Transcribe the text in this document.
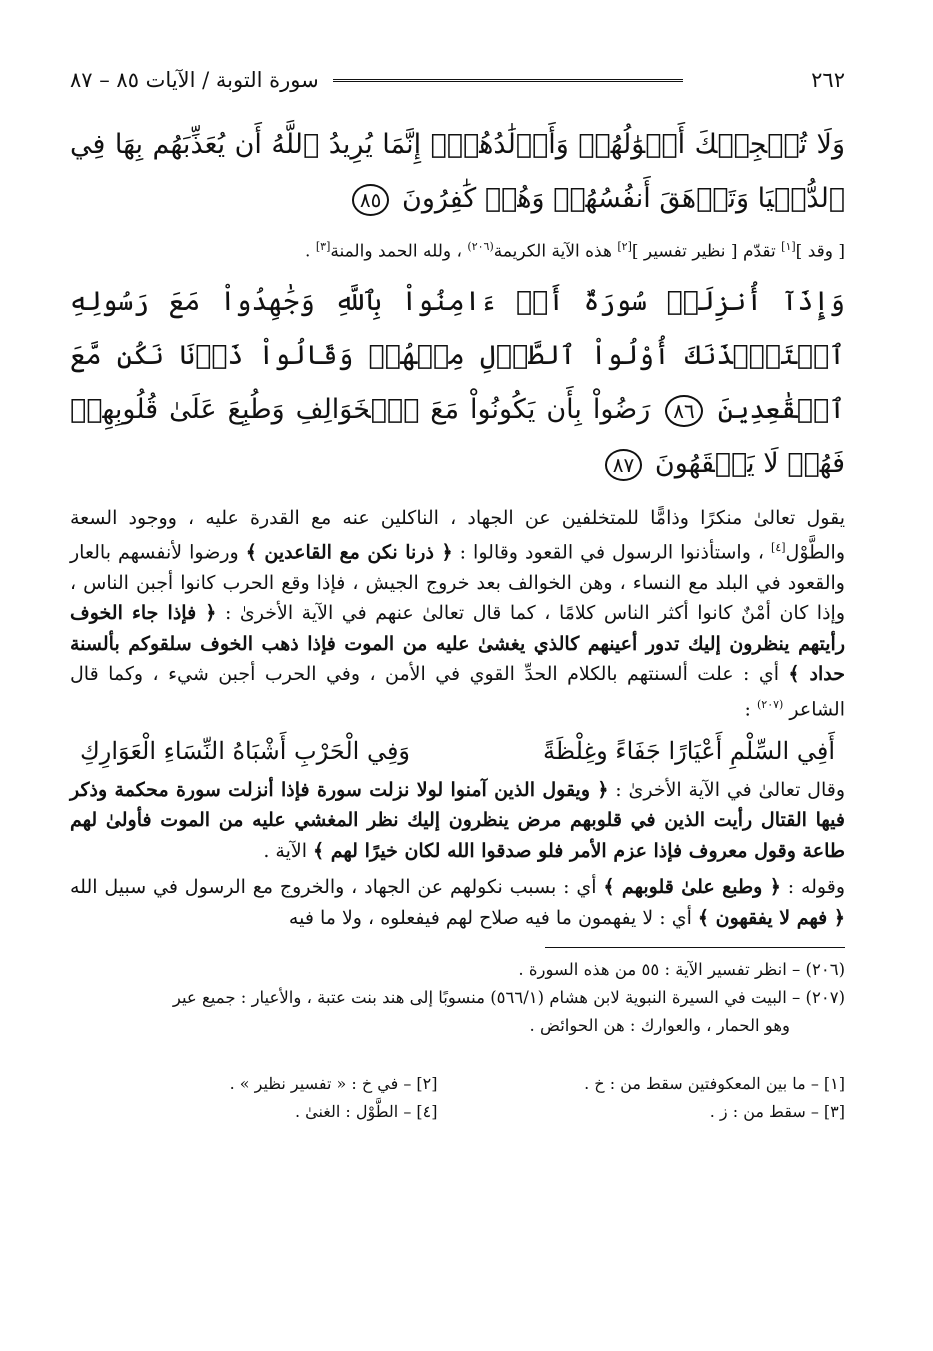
٢٦٢
سورة التوبة / الآيات ٨٥ – ٨٧
وَلَا تُعۡجِبۡكَ أَمۡوَٰلُهُمۡ وَأَوۡلَٰدُهُمۡۚ إِنَّمَا يُرِيدُ ٱللَّهُ أَن يُعَذِّبَهُم بِهَا فِي ٱلدُّنۡيَا وَتَزۡهَقَ أَنفُسُهُمۡ وَهُمۡ كَٰفِرُونَ ٨٥
[ وقد ][١] تقدّم [ نظير تفسير ][٢] هذه الآية الكريمة$^{(٢٠٦)}$ ، ولله الحمد والمنة[٣] .
وَإِذَآ أُنزِلَتۡ سُورَةٌ أَنۡ ءَامِنُواْ بِٱللَّهِ وَجَٰهِدُواْ مَعَ رَسُولِهِ ٱسۡتَـٔۡذَنَكَ أُوْلُواْ ٱلطَّوۡلِ مِنۡهُمۡ وَقَالُواْ ذَرۡنَا نَكُن مَّعَ ٱلۡقَٰعِدِينَ ٨٦ رَضُواْ بِأَن يَكُونُواْ مَعَ ٱلۡخَوَالِفِ وَطُبِعَ عَلَىٰ قُلُوبِهِمۡ فَهُمۡ لَا يَفۡقَهُونَ ٨٧

يقول تعالىٰ منكرًا وذامًّا للمتخلفين عن الجهاد ، الناكلين عنه مع القدرة عليه ، ووجود السعة والطَّوْل[٤] ، واستأذنوا الرسول في القعود وقالوا : ﴿ ذرنا نكن مع القاعدين ﴾ ورضوا لأنفسهم بالعار والقعود في البلد مع النساء ، وهن الخوالف بعد خروج الجيش ، فإذا وقع الحرب كانوا أجبن الناس ، وإذا كان أمْنٌ كانوا أكثر الناس كلامًا ، كما قال تعالىٰ عنهم في الآية الأخرىٰ : ﴿ فإذا جاء الخوف رأيتهم ينظرون إليك تدور أعينهم كالذي يغشىٰ عليه من الموت فإذا ذهب الخوف سلقوكم بألسنة حداد ﴾ أي : علت ألسنتهم بالكلام الحدِّ القوي في الأمن ، وفي الحرب أجبن شيء ، وكما قال الشاعر $^{(٢٠٧)}$ :

أَفِي السِّلْمِ أَعْيَارًا جَفَاءً وغِلْظَةً
وَفِي الْحَرْبِ أَشْبَاهُ النِّسَاءِ الْعَوَارِكِ

وقال تعالىٰ في الآية الأخرىٰ : ﴿ ويقول الذين آمنوا لولا نزلت سورة فإذا أنزلت سورة محكمة وذكر فيها القتال رأيت الذين في قلوبهم مرض ينظرون إليك نظر المغشي عليه من الموت فأولىٰ لهم طاعة وقول معروف فإذا عزم الأمر فلو صدقوا الله لكان خيرًا لهم ﴾ الآية .

وقوله : ﴿ وطبع علىٰ قلوبهم ﴾ أي : بسبب نكولهم عن الجهاد ، والخروج مع الرسول في سبيل الله ﴿ فهم لا يفقهون ﴾ أي : لا يفهمون ما فيه صلاح لهم فيفعلوه ، ولا ما فيه

(٢٠٦) – انظر تفسير الآية : ٥٥ من هذه السورة .

(٢٠٧) – البيت في السيرة النبوية لابن هشام (٥٦٦/١) منسوبًا إلى هند بنت عتبة ، والأعيار : جميع عير

وهو الحمار ، والعوارك : هن الحوائض .

[١] – ما بين المعكوفتين سقط من : خ .
[٢] – في خ : « تفسير نظير » .
[٣] – سقط من : ز .
[٤] – الطَّوْل : الغنىٰ .
